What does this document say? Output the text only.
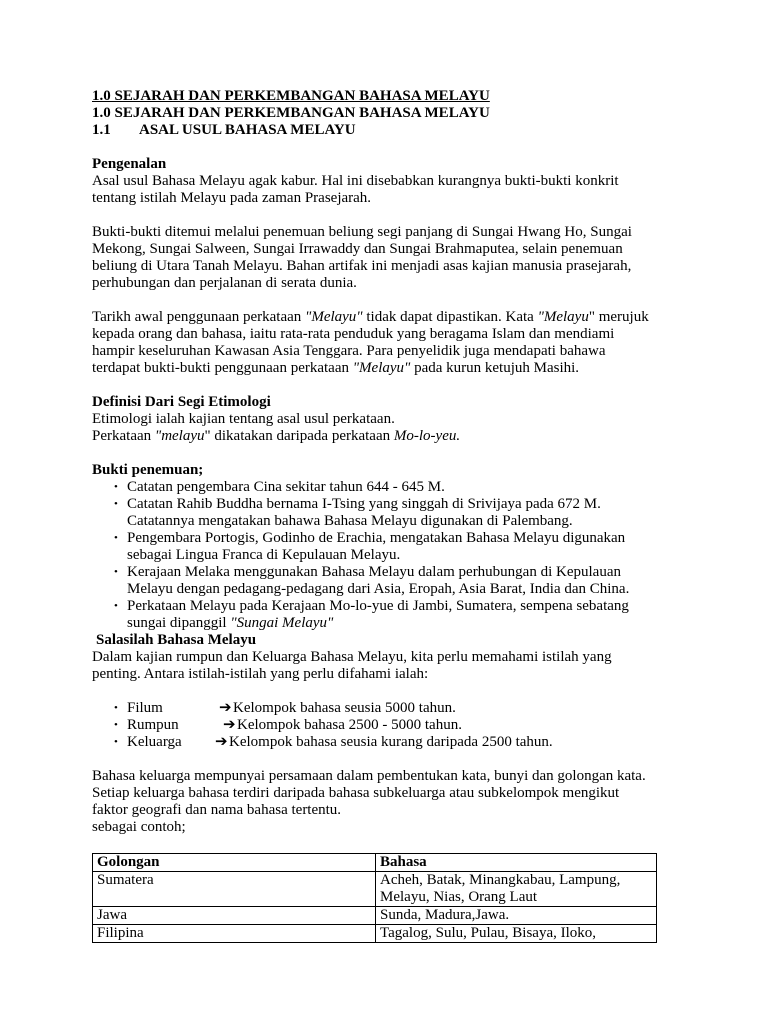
1.0 SEJARAH DAN PERKEMBANGAN BAHASA MELAYU
1.0 SEJARAH DAN PERKEMBANGAN BAHASA MELAYU
1.1 ASAL USUL BAHASA MELAYU
Pengenalan
Asal usul Bahasa Melayu agak kabur. Hal ini disebabkan kurangnya bukti-bukti konkrit
tentang istilah Melayu pada zaman Prasejarah.
Bukti-bukti ditemui melalui penemuan beliung segi panjang di Sungai Hwang Ho, Sungai
Mekong, Sungai Salween, Sungai Irrawaddy dan Sungai Brahmaputea, selain penemuan
beliung di Utara Tanah Melayu. Bahan artifak ini menjadi asas kajian manusia prasejarah,
perhubungan dan perjalanan di serata dunia.
Tarikh awal penggunaan perkataan "Melayu" tidak dapat dipastikan. Kata "Melayu" merujuk
kepada orang dan bahasa, iaitu rata-rata penduduk yang beragama Islam dan mendiami
hampir keseluruhan Kawasan Asia Tenggara. Para penyelidik juga mendapati bahawa
terdapat bukti-bukti penggunaan perkataan "Melayu" pada kurun ketujuh Masihi.
Definisi Dari Segi Etimologi
Etimologi ialah kajian tentang asal usul perkataan.
Perkataan "melayu" dikatakan daripada perkataan Mo-lo-yeu.
Bukti penemuan;
• Catatan pengembara Cina sekitar tahun 644 - 645 M.
• Catatan Rahib Buddha bernama I-Tsing yang singgah di Srivijaya pada 672 M.
Catatannya mengatakan bahawa Bahasa Melayu digunakan di Palembang.
• Pengembara Portogis, Godinho de Erachia, mengatakan Bahasa Melayu digunakan
sebagai Lingua Franca di Kepulauan Melayu.
• Kerajaan Melaka menggunakan Bahasa Melayu dalam perhubungan di Kepulauan
Melayu dengan pedagang-pedagang dari Asia, Eropah, Asia Barat, India dan China.
• Perkataan Melayu pada Kerajaan Mo-lo-yue di Jambi, Sumatera, sempena sebatang
sungai dipanggil "Sungai Melayu"
Salasilah Bahasa Melayu
Dalam kajian rumpun dan Keluarga Bahasa Melayu, kita perlu memahami istilah yang
penting. Antara istilah-istilah yang perlu difahami ialah:
• Filum	➔Kelompok bahasa seusia 5000 tahun.
• Rumpun	➔Kelompok bahasa 2500 - 5000 tahun.
• Keluarga ➔Kelompok bahasa seusia kurang daripada 2500 tahun.
Bahasa keluarga mempunyai persamaan dalam pembentukan kata, bunyi dan golongan kata.
Setiap keluarga bahasa terdiri daripada bahasa subkeluarga atau subkelompok mengikut
faktor geografi dan nama bahasa tertentu.
sebagai contoh;
Golongan	Bahasa
Sumatera	Acheh, Batak, Minangkabau, Lampung,
Melayu, Nias, Orang Laut

Jawa	Sunda, Madura,Jawa.
Filipina	Tagalog, Sulu, Pulau, Bisaya, Iloko,
